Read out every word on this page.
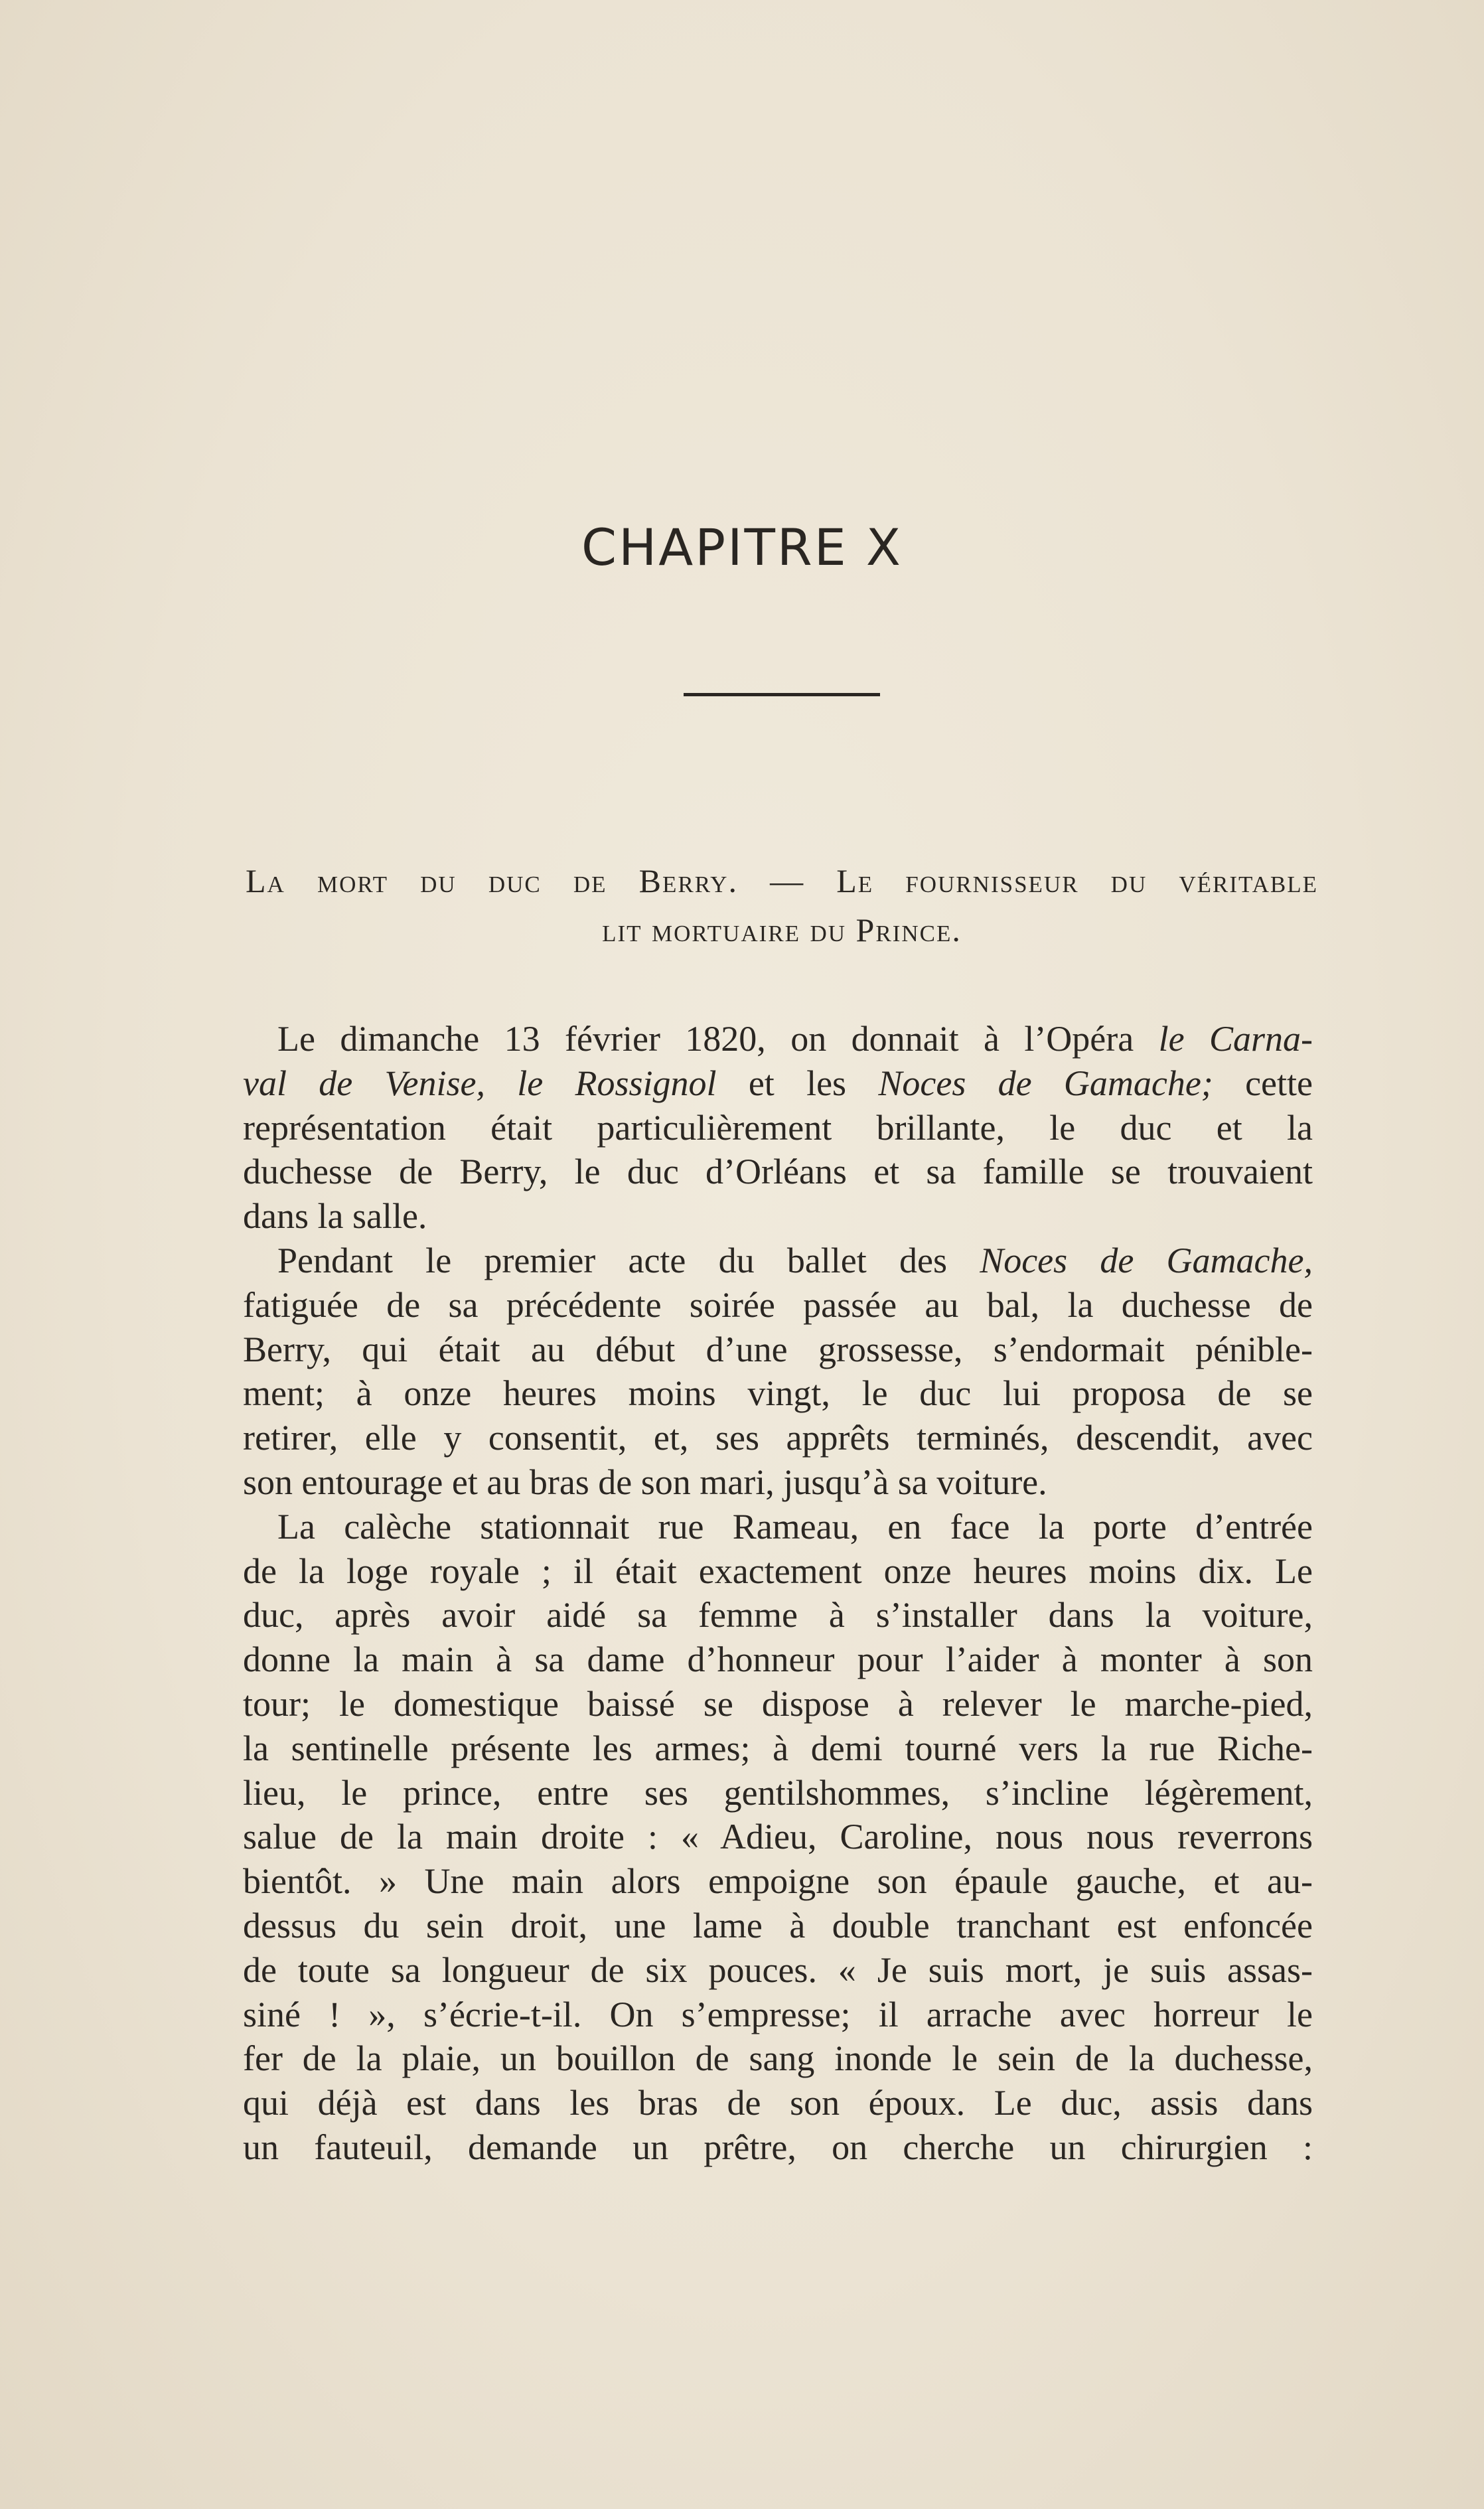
CHAPITRE X
La mort du duc de Berry. — Le fournisseur du véritable
lit mortuaire du Prince.
Le dimanche 13 février 1820, on donnait à l’Opéra le Carna-
val de Venise, le Rossignol et les Noces de Gamache; cette
représentation était particulièrement brillante, le duc et la
duchesse de Berry, le duc d’Orléans et sa famille se trouvaient
dans la salle.
Pendant le premier acte du ballet des Noces de Gamache,
fatiguée de sa précédente soirée passée au bal, la duchesse de
Berry, qui était au début d’une grossesse, s’endormait pénible-
ment; à onze heures moins vingt, le duc lui proposa de se
retirer, elle y consentit, et, ses apprêts terminés, descendit, avec
son entourage et au bras de son mari, jusqu’à sa voiture.
La calèche stationnait rue Rameau, en face la porte d’entrée
de la loge royale ; il était exactement onze heures moins dix. Le
duc, après avoir aidé sa femme à s’installer dans la voiture,
donne la main à sa dame d’honneur pour l’aider à monter à son
tour; le domestique baissé se dispose à relever le marche-pied,
la sentinelle présente les armes; à demi tourné vers la rue Riche-
lieu, le prince, entre ses gentilshommes, s’incline légèrement,
salue de la main droite : « Adieu, Caroline, nous nous reverrons
bientôt. » Une main alors empoigne son épaule gauche, et au-
dessus du sein droit, une lame à double tranchant est enfoncée
de toute sa longueur de six pouces. « Je suis mort, je suis assas-
siné ! », s’écrie-t-il. On s’empresse; il arrache avec horreur le
fer de la plaie, un bouillon de sang inonde le sein de la duchesse,
qui déjà est dans les bras de son époux. Le duc, assis dans
un fauteuil, demande un prêtre, on cherche un chirurgien :
